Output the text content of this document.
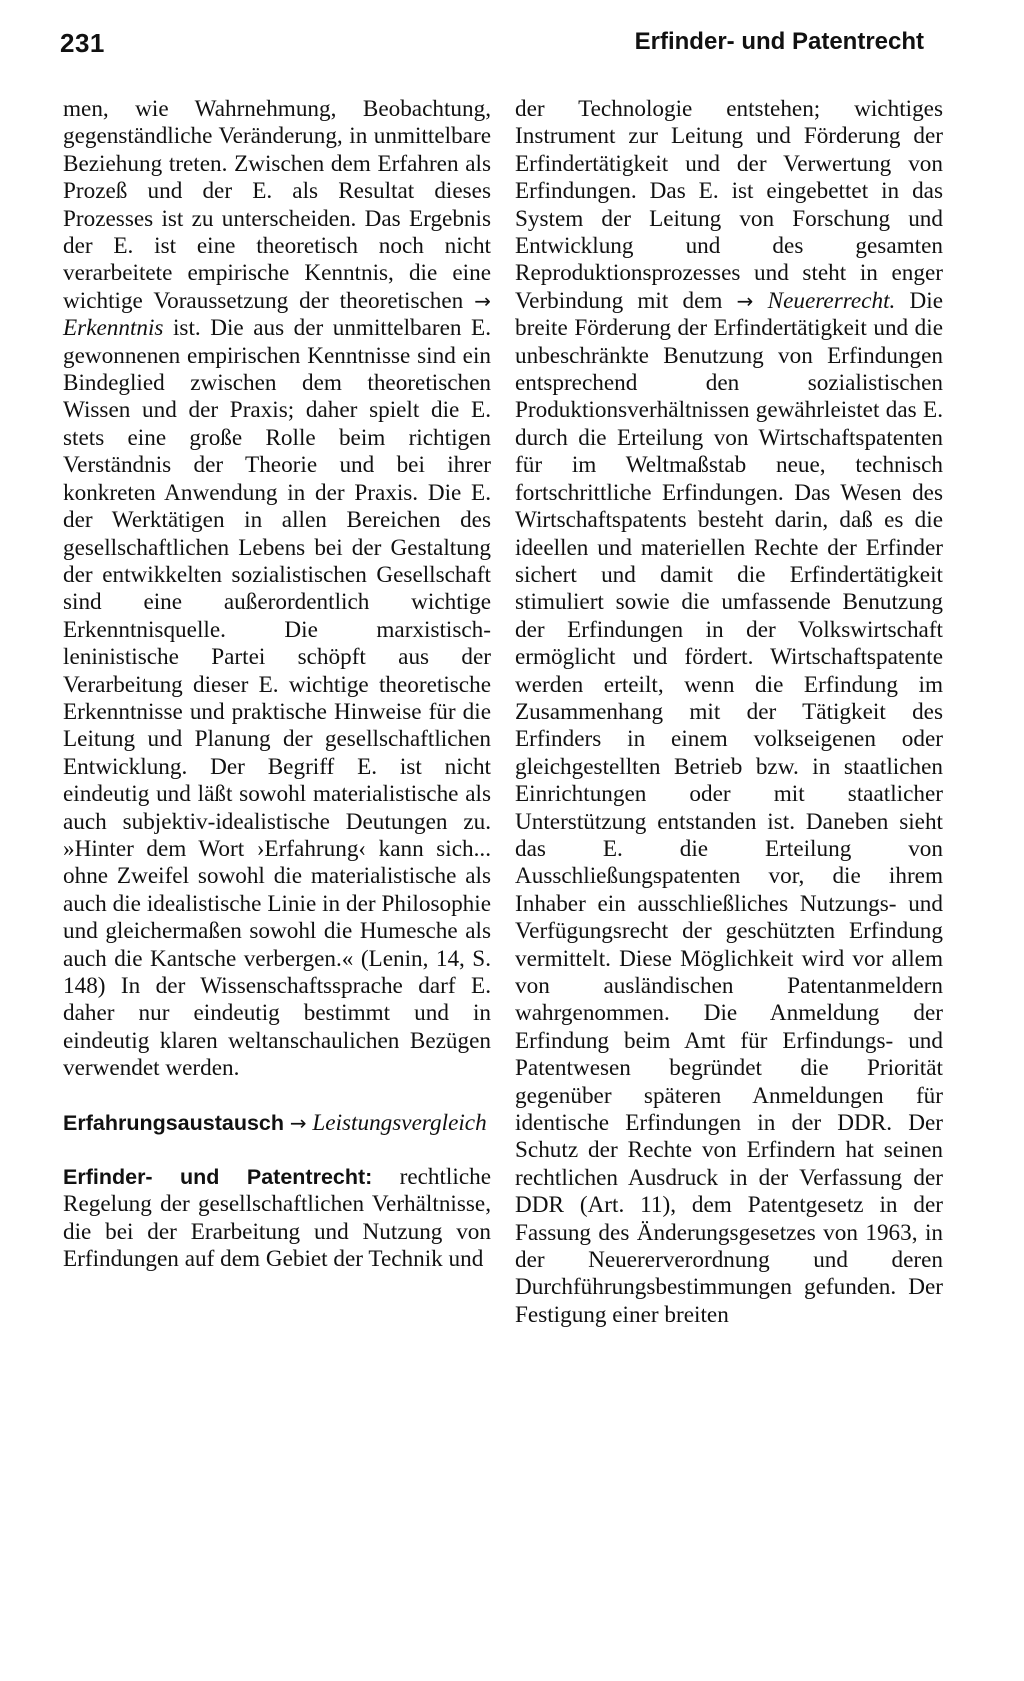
231	Erfinder- und Patentrecht

men, wie Wahrnehmung, Beobachtung, gegenständliche Veränderung, in unmittelbare Beziehung treten. Zwischen dem Erfahren als Prozeß und der E. als Resultat dieses Prozesses ist zu unterscheiden. Das Ergebnis der E. ist eine theoretisch noch nicht verarbeitete empirische Kenntnis, die eine wichtige Voraussetzung der theoretischen → Erkenntnis ist. Die aus der unmittelbaren E. gewonnenen empirischen Kenntnisse sind ein Bindeglied zwischen dem theoretischen Wissen und der Praxis; daher spielt die E. stets eine große Rolle beim richtigen Verständnis der Theorie und bei ihrer konkreten Anwendung in der Praxis. Die E. der Werktätigen in allen Bereichen des gesellschaftlichen Lebens bei der Gestaltung der entwikkelten sozialistischen Gesellschaft sind eine außerordentlich wichtige Erkenntnisquelle. Die marxistisch-leninistische Partei schöpft aus der Verarbeitung dieser E. wichtige theoretische Erkenntnisse und praktische Hinweise für die Leitung und Planung der gesellschaftlichen Entwicklung. Der Begriff E. ist nicht eindeutig und läßt sowohl materialistische als auch subjektiv-idealistische Deutungen zu. »Hinter dem Wort ›Erfahrung‹ kann sich... ohne Zweifel sowohl die materialistische als auch die idealistische Linie in der Philosophie und gleichermaßen sowohl die Humesche als auch die Kantsche verbergen.« (Lenin, 14, S. 148) In der Wissenschaftssprache darf E. daher nur eindeutig bestimmt und in eindeutig klaren weltanschaulichen Bezügen verwendet werden.

Erfahrungsaustausch → Leistungsvergleich

Erfinder- und Patentrecht: rechtliche Regelung der gesellschaftlichen Verhältnisse, die bei der Erarbeitung und Nutzung von Erfindungen auf dem Gebiet der Technik und

der Technologie entstehen; wichtiges Instrument zur Leitung und Förderung der Erfindertätigkeit und der Verwertung von Erfindungen. Das E. ist eingebettet in das System der Leitung von Forschung und Entwicklung und des gesamten Reproduktionsprozesses und steht in enger Verbindung mit dem → Neuererrecht. Die breite Förderung der Erfindertätigkeit und die unbeschränkte Benutzung von Erfindungen entsprechend den sozialistischen Produktionsverhältnissen gewährleistet das E. durch die Erteilung von Wirtschaftspatenten für im Weltmaßstab neue, technisch fortschrittliche Erfindungen. Das Wesen des Wirtschaftspatents besteht darin, daß es die ideellen und materiellen Rechte der Erfinder sichert und damit die Erfindertätigkeit stimuliert sowie die umfassende Benutzung der Erfindungen in der Volkswirtschaft ermöglicht und fördert. Wirtschaftspatente werden erteilt, wenn die Erfindung im Zusammenhang mit der Tätigkeit des Erfinders in einem volkseigenen oder gleichgestellten Betrieb bzw. in staatlichen Einrichtungen oder mit staatlicher Unterstützung entstanden ist. Daneben sieht das E. die Erteilung von Ausschließungspatenten vor, die ihrem Inhaber ein ausschließliches Nutzungs- und Verfügungsrecht der geschützten Erfindung vermittelt. Diese Möglichkeit wird vor allem von ausländischen Patentanmeldern wahrgenommen. Die Anmeldung der Erfindung beim Amt für Erfindungs- und Patentwesen begründet die Priorität gegenüber späteren Anmeldungen für identische Erfindungen in der DDR. Der Schutz der Rechte von Erfindern hat seinen rechtlichen Ausdruck in der Verfassung der DDR (Art. 11), dem Patentgesetz in der Fassung des Änderungsgesetzes von 1963, in der Neuererverordnung und deren Durchführungsbestimmungen gefunden. Der Festigung einer breiten
